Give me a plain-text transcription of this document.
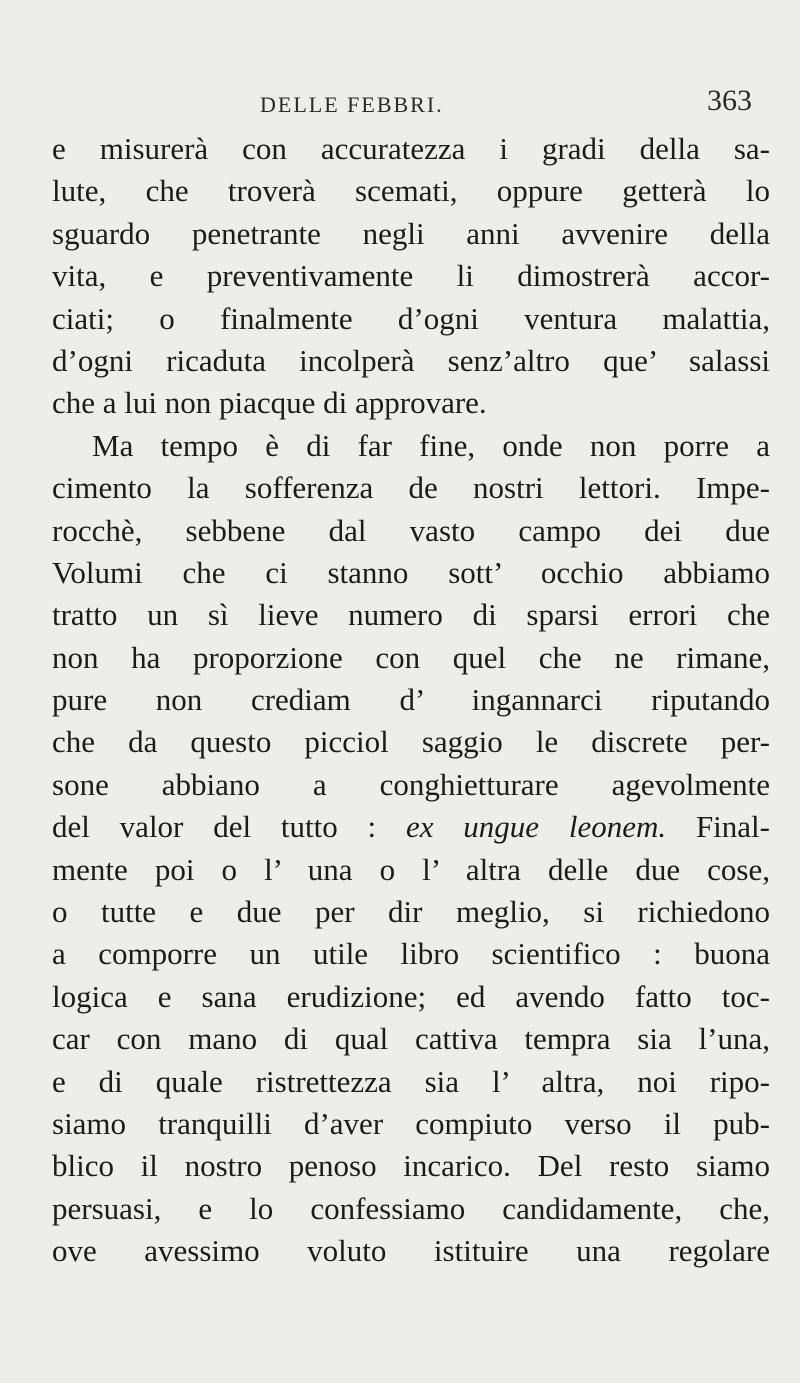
DELLE FEBBRI.	363
e misurerà con accuratezza i gradi della sa-
lute, che troverà scemati, oppure getterà lo
sguardo penetrante negli anni avvenire della
vita, e preventivamente li dimostrerà accor-
ciati; o finalmente d’ogni ventura malattia,
d’ogni ricaduta incolperà senz’altro que’ salassi
che a lui non piacque di approvare.
Ma tempo è di far fine, onde non porre a
cimento la sofferenza de nostri lettori. Impe-
rocchè, sebbene dal vasto campo dei due
Volumi che ci stanno sott’ occhio abbiamo
tratto un sì lieve numero di sparsi errori che
non ha proporzione con quel che ne rimane,
pure non crediam d’ ingannarci riputando
che da questo picciol saggio le discrete per-
sone abbiano a conghietturare agevolmente
del valor del tutto : ex ungue leonem. Final-
mente poi o l’ una o l’ altra delle due cose,
o tutte e due per dir meglio, si richiedono
a comporre un utile libro scientifico : buona
logica e sana erudizione; ed avendo fatto toc-
car con mano di qual cattiva tempra sia l’una,
e di quale ristrettezza sia l’ altra, noi ripo-
siamo tranquilli d’aver compiuto verso il pub-
blico il nostro penoso incarico. Del resto siamo
persuasi, e lo confessiamo candidamente, che,
ove avessimo voluto istituire una regolare
